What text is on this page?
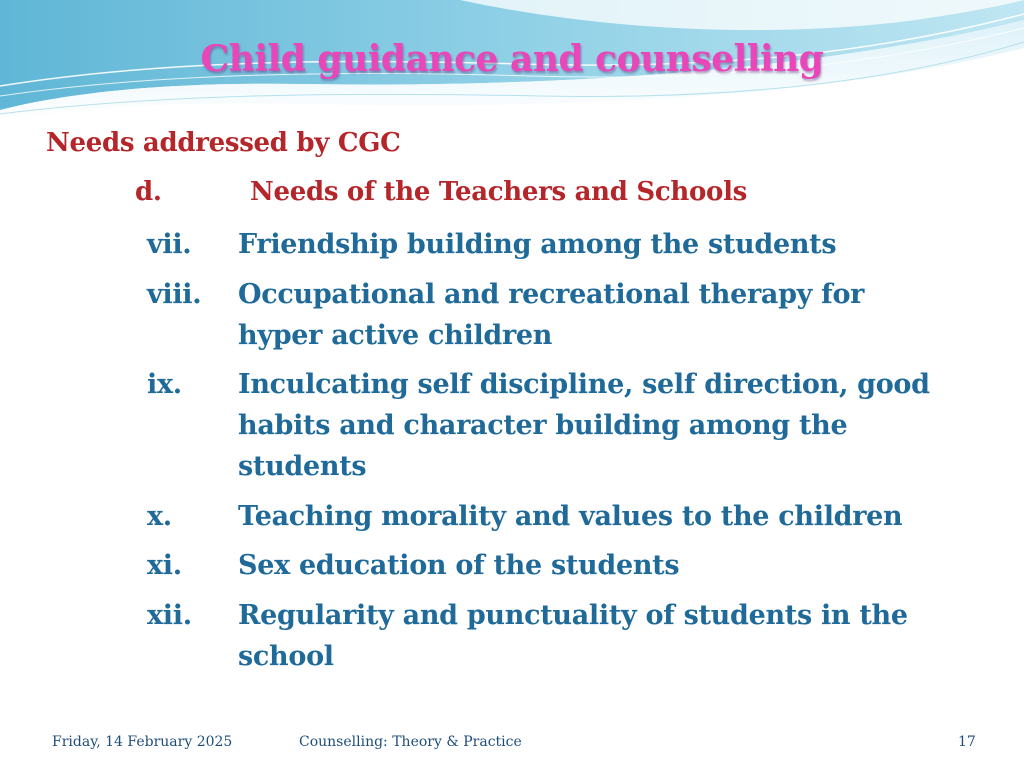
Child guidance and counselling
Needs addressed by CGC
d.	Needs of the Teachers and Schools
vii. Friendship building among the students
viii. Occupational and recreational therapy for
hyper active children
ix. Inculcating self discipline, self direction, good
habits and character building among the
students
x. Teaching morality and values to the children
xi. Sex education of the students
xii. Regularity and punctuality of students in the
school
Friday, 14 February 2025	Counselling: Theory & Practice	17
